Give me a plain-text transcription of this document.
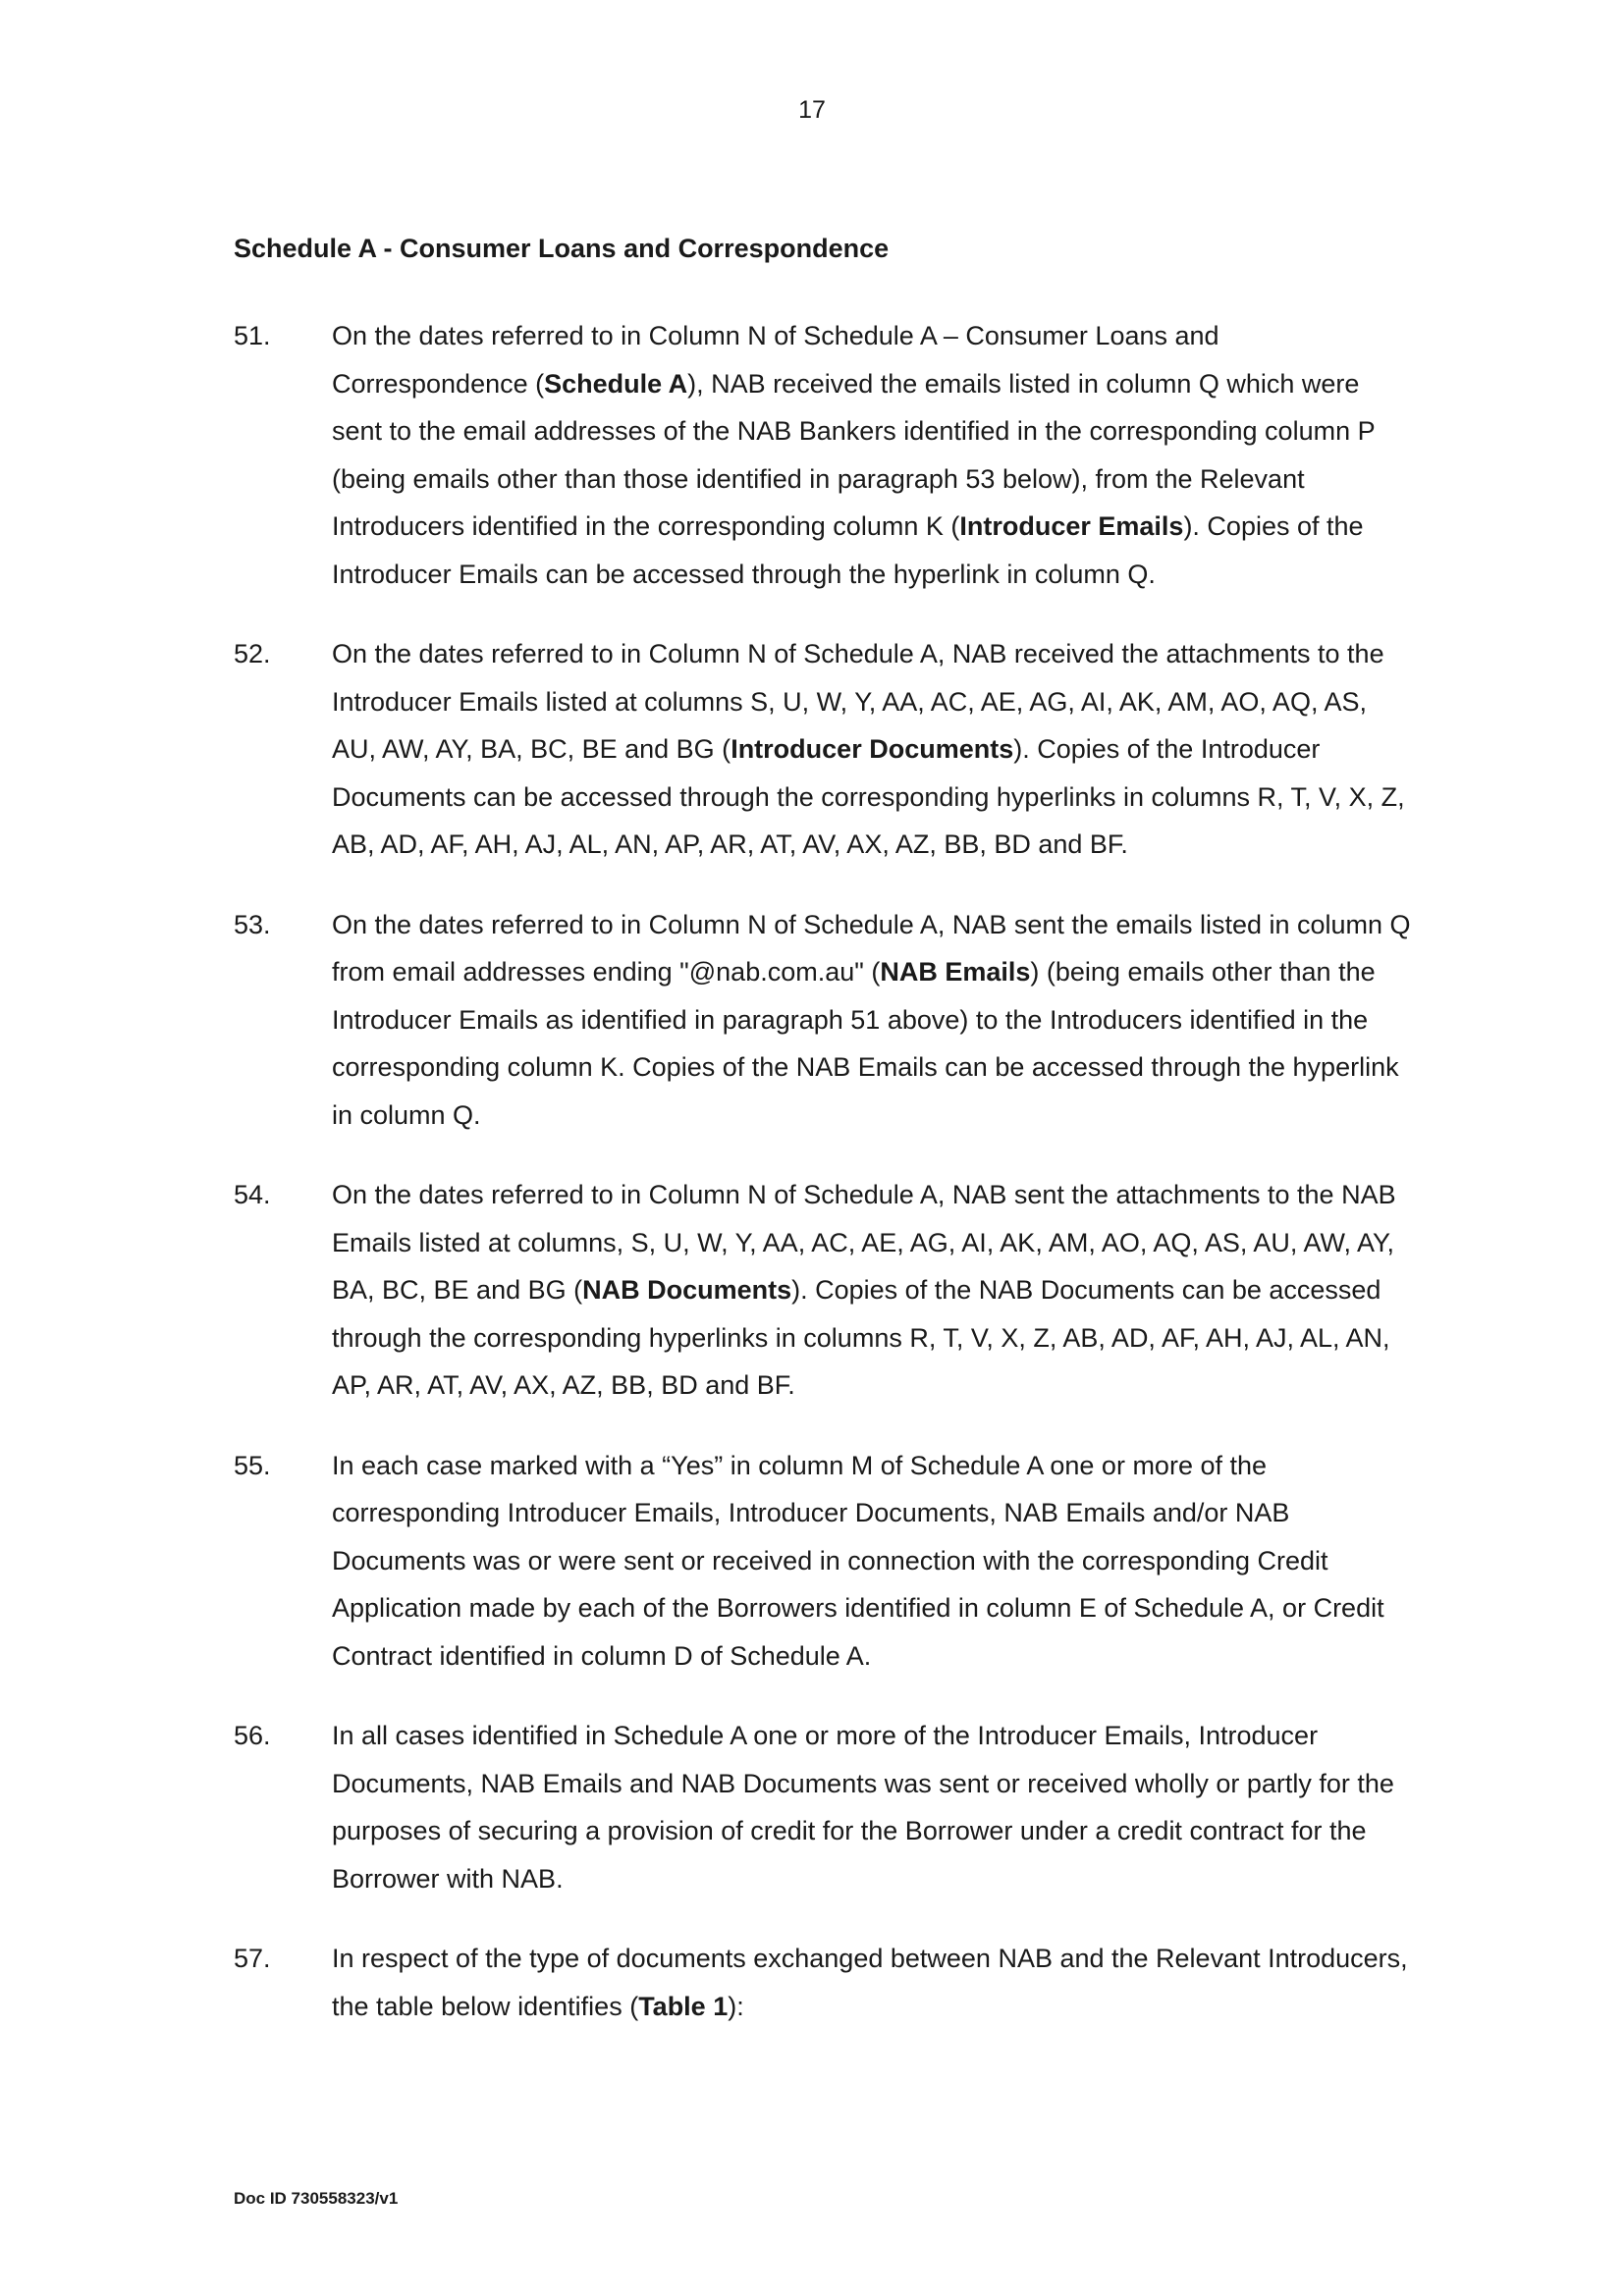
17
Schedule A - Consumer Loans and Correspondence
51. On the dates referred to in Column N of Schedule A – Consumer Loans and Correspondence (Schedule A), NAB received the emails listed in column Q which were sent to the email addresses of the NAB Bankers identified in the corresponding column P (being emails other than those identified in paragraph 53 below), from the Relevant Introducers identified in the corresponding column K (Introducer Emails). Copies of the Introducer Emails can be accessed through the hyperlink in column Q.
52. On the dates referred to in Column N of Schedule A, NAB received the attachments to the Introducer Emails listed at columns S, U, W, Y, AA, AC, AE, AG, AI, AK, AM, AO, AQ, AS, AU, AW, AY, BA, BC, BE and BG (Introducer Documents). Copies of the Introducer Documents can be accessed through the corresponding hyperlinks in columns R, T, V, X, Z, AB, AD, AF, AH, AJ, AL, AN, AP, AR, AT, AV, AX, AZ, BB, BD and BF.
53. On the dates referred to in Column N of Schedule A, NAB sent the emails listed in column Q from email addresses ending "@nab.com.au" (NAB Emails) (being emails other than the Introducer Emails as identified in paragraph 51 above) to the Introducers identified in the corresponding column K. Copies of the NAB Emails can be accessed through the hyperlink in column Q.
54. On the dates referred to in Column N of Schedule A, NAB sent the attachments to the NAB Emails listed at columns, S, U, W, Y, AA, AC, AE, AG, AI, AK, AM, AO, AQ, AS, AU, AW, AY, BA, BC, BE and BG (NAB Documents). Copies of the NAB Documents can be accessed through the corresponding hyperlinks in columns R, T, V, X, Z, AB, AD, AF, AH, AJ, AL, AN, AP, AR, AT, AV, AX, AZ, BB, BD and BF.
55. In each case marked with a “Yes” in column M of Schedule A one or more of the corresponding Introducer Emails, Introducer Documents, NAB Emails and/or NAB Documents was or were sent or received in connection with the corresponding Credit Application made by each of the Borrowers identified in column E of Schedule A, or Credit Contract identified in column D of Schedule A.
56. In all cases identified in Schedule A one or more of the Introducer Emails, Introducer Documents, NAB Emails and NAB Documents was sent or received wholly or partly for the purposes of securing a provision of credit for the Borrower under a credit contract for the Borrower with NAB.
57. In respect of the type of documents exchanged between NAB and the Relevant Introducers, the table below identifies (Table 1):
Doc ID 730558323/v1
